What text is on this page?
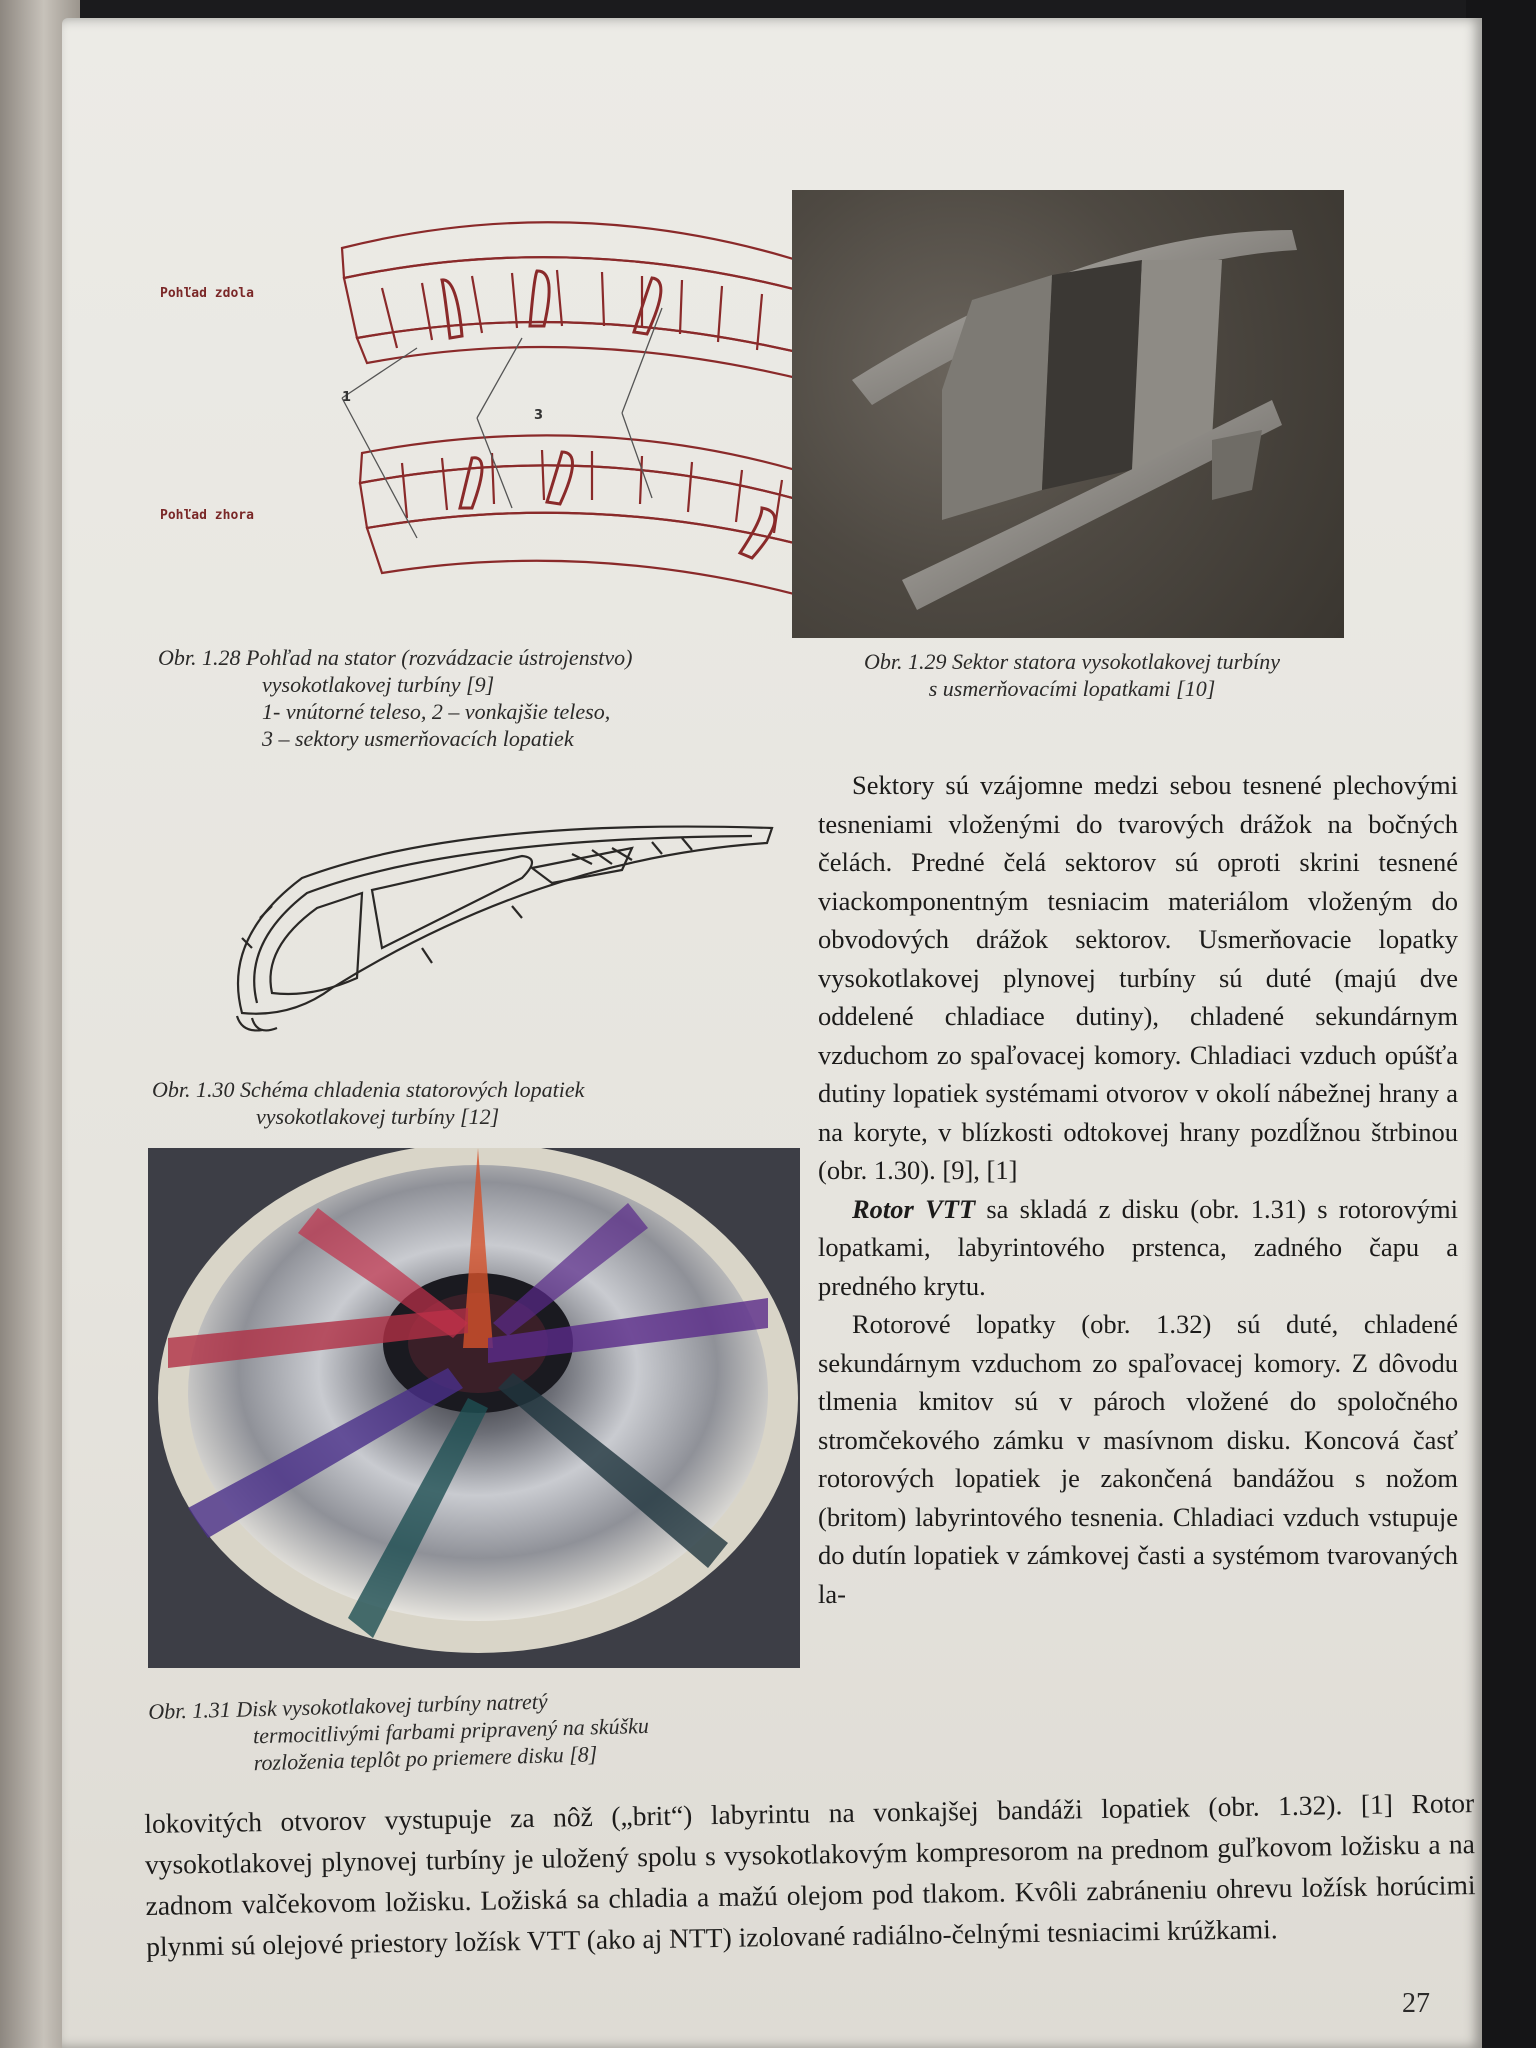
Pohľad zdola
Pohľad zhora
1
3
Obr. 1.28 Pohľad na stator (rozvádzacie ústrojenstvo)
vysokotlakovej turbíny [9]
1- vnútorné teleso, 2 – vonkajšie teleso,
3 – sektory usmerňovacích lopatiek
Obr. 1.29 Sektor statora vysokotlakovej turbíny
s usmerňovacími lopatkami [10]
Obr. 1.30 Schéma chladenia statorových lopatiek
vysokotlakovej turbíny [12]
Obr. 1.31 Disk vysokotlakovej turbíny natretý
termocitlivými farbami pripravený na skúšku
rozloženia teplôt po priemere disku [8]

Sektory sú vzájomne medzi sebou tesnené plechovými tesneniami vloženými do tvarových drážok na bočných čelách. Predné čelá sektorov sú oproti skrini tesnené viackomponentným tesniacim materiálom vloženým do obvodových drážok sektorov. Usmerňovacie lopatky vysokotlakovej plynovej turbíny sú duté (majú dve oddelené chladiace dutiny), chladené sekundárnym vzduchom zo spaľovacej komory. Chladiaci vzduch opúšťa dutiny lopatiek systémami otvorov v okolí nábežnej hrany a na koryte, v blízkosti odtokovej hrany pozdĺžnou štrbinou (obr. 1.30). [9], [1]

Rotor VTT sa skladá z disku (obr. 1.31) s rotorovými lopatkami, labyrintového prstenca, zadného čapu a predného krytu.

Rotorové lopatky (obr. 1.32) sú duté, chladené sekundárnym vzduchom zo spaľovacej komory. Z dôvodu tlmenia kmitov sú v pároch vložené do spoločného stromčekového zámku v masívnom disku. Koncová časť rotorových lopatiek je zakončená bandážou s nožom (britom) labyrintového tesnenia. Chladiaci vzduch vstupuje do dutín lopatiek v zámkovej časti a systémom tvarovaných la-

lokovitých otvorov vystupuje za nôž („brit“) labyrintu na vonkajšej bandáži lopatiek (obr. 1.32). [1] Rotor vysokotlakovej plynovej turbíny je uložený spolu s vysokotlakovým kompresorom na prednom guľkovom ložisku a na zadnom valčekovom ložisku. Ložiská sa chladia a mažú olejom pod tlakom. Kvôli zabráneniu ohrevu ložísk horúcimi plynmi sú olejové priestory ložísk VTT (ako aj NTT) izolované radiálno-čelnými tesniacimi krúžkami.
27
